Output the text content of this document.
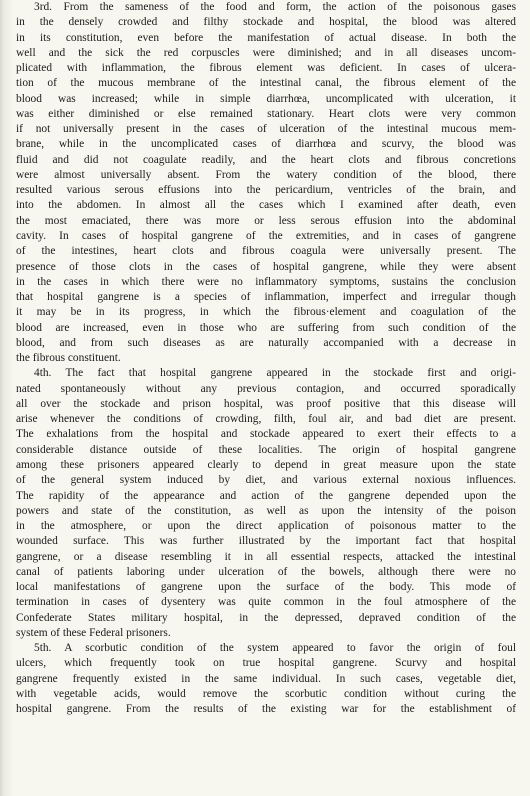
3rd. From the sameness of the food and form, the action of the poisonous gases
in the densely crowded and filthy stockade and hospital, the blood was altered
in its constitution, even before the manifestation of actual disease. In both the
well and the sick the red corpuscles were diminished; and in all diseases uncom-
plicated with inflammation, the fibrous element was deficient. In cases of ulcera-
tion of the mucous membrane of the intestinal canal, the fibrous element of the
blood was increased; while in simple diarrhœa, uncomplicated with ulceration, it
was either diminished or else remained stationary. Heart clots were very common
if not universally present in the cases of ulceration of the intestinal mucous mem-
brane, while in the uncomplicated cases of diarrhœa and scurvy, the blood was
fluid and did not coagulate readily, and the heart clots and fibrous concretions
were almost universally absent. From the watery condition of the blood, there
resulted various serous effusions into the pericardium, ventricles of the brain, and
into the abdomen. In almost all the cases which I examined after death, even
the most emaciated, there was more or less serous effusion into the abdominal
cavity. In cases of hospital gangrene of the extremities, and in cases of gangrene
of the intestines, heart clots and fibrous coagula were universally present. The
presence of those clots in the cases of hospital gangrene, while they were absent
in the cases in which there were no inflammatory symptoms, sustains the conclusion
that hospital gangrene is a species of inflammation, imperfect and irregular though
it may be in its progress, in which the fibrous·element and coagulation of the
blood are increased, even in those who are suffering from such condition of the
blood, and from such diseases as are naturally accompanied with a decrease in
the fibrous constituent.
4th. The fact that hospital gangrene appeared in the stockade first and origi-
nated spontaneously without any previous contagion, and occurred sporadically
all over the stockade and prison hospital, was proof positive that this disease will
arise whenever the conditions of crowding, filth, foul air, and bad diet are present.
The exhalations from the hospital and stockade appeared to exert their effects to a
considerable distance outside of these localities. The origin of hospital gangrene
among these prisoners appeared clearly to depend in great measure upon the state
of the general system induced by diet, and various external noxious influences.
The rapidity of the appearance and action of the gangrene depended upon the
powers and state of the constitution, as well as upon the intensity of the poison
in the atmosphere, or upon the direct application of poisonous matter to the
wounded surface. This was further illustrated by the important fact that hospital
gangrene, or a disease resembling it in all essential respects, attacked the intestinal
canal of patients laboring under ulceration of the bowels, although there were no
local manifestations of gangrene upon the surface of the body. This mode of
termination in cases of dysentery was quite common in the foul atmosphere of the
Confederate States military hospital, in the depressed, depraved condition of the
system of these Federal prisoners.
5th. A scorbutic condition of the system appeared to favor the origin of foul
ulcers, which frequently took on true hospital gangrene. Scurvy and hospital
gangrene frequently existed in the same individual. In such cases, vegetable diet,
with vegetable acids, would remove the scorbutic condition without curing the
hospital gangrene. From the results of the existing war for the establishment of
